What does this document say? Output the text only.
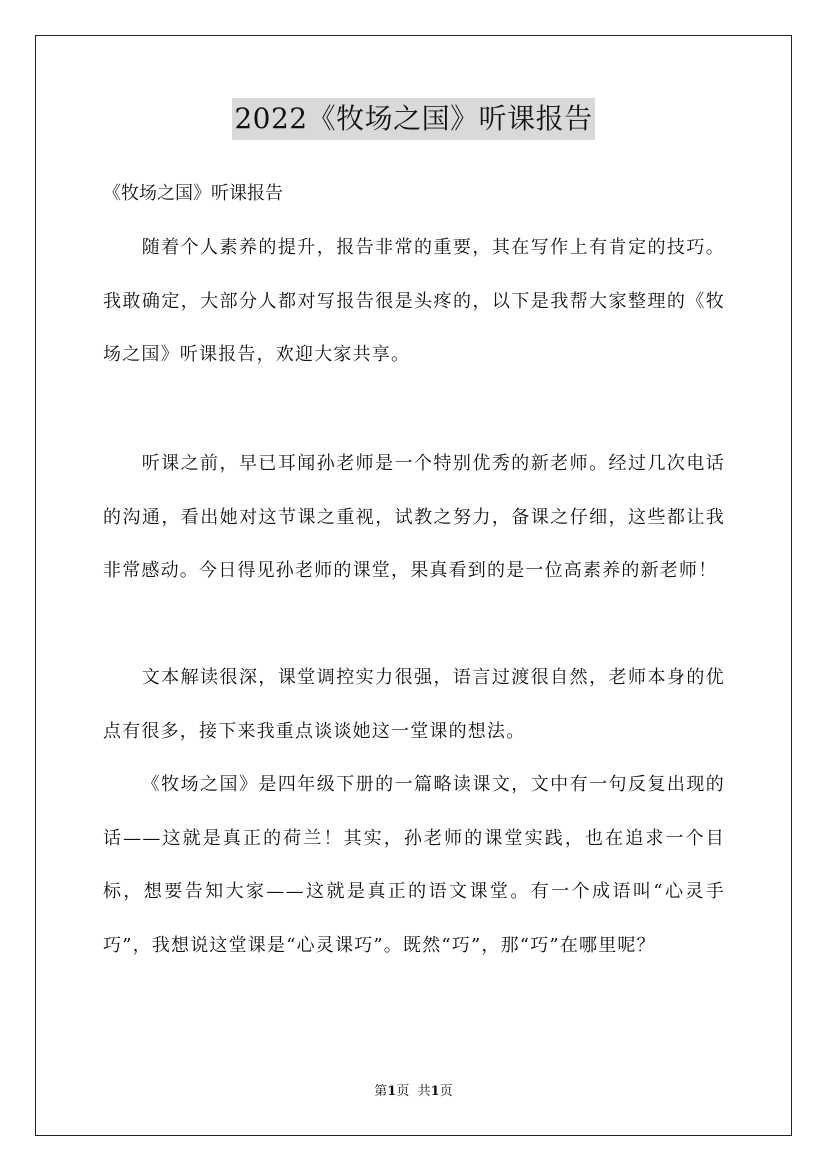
2022《牧场之国》听课报告

《牧场之国》听课报告

随着个人素养的提升，报告非常的重要，其在写作上有肯定的技巧。我敢确定，大部分人都对写报告很是头疼的，以下是我帮大家整理的《牧场之国》听课报告，欢迎大家共享。

听课之前，早已耳闻孙老师是一个特别优秀的新老师。经过几次电话的沟通，看出她对这节课之重视，试教之努力，备课之仔细，这些都让我非常感动。今日得见孙老师的课堂，果真看到的是一位高素养的新老师！

文本解读很深，课堂调控实力很强，语言过渡很自然，老师本身的优点有很多，接下来我重点谈谈她这一堂课的想法。

《牧场之国》是四年级下册的一篇略读课文，文中有一句反复出现的话——这就是真正的荷兰！其实，孙老师的课堂实践，也在追求一个目标，想要告知大家——这就是真正的语文课堂。有一个成语叫“心灵手巧”，我想说这堂课是“心灵课巧”。既然“巧”，那“巧”在哪里呢？

第1页 共1页
